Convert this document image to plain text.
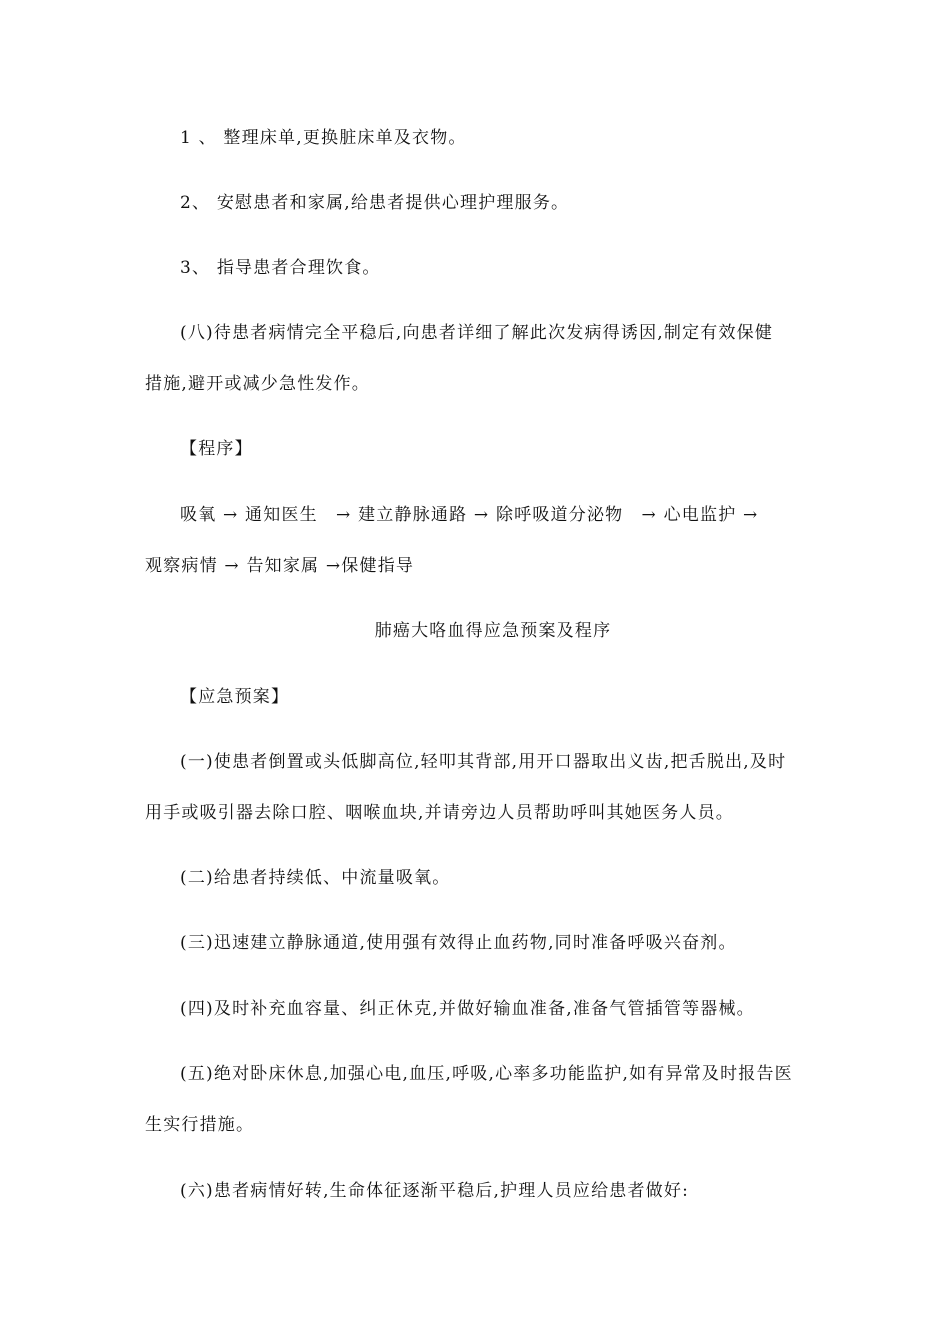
1 、 整理床单,更换脏床单及衣物。
2、 安慰患者和家属,给患者提供心理护理服务。
3、 指导患者合理饮食。
(八)待患者病情完全平稳后,向患者详细了解此次发病得诱因,制定有效保健
措施,避开或减少急性发作。
【程序】
吸氧 → 通知医生　→ 建立静脉通路 → 除呼吸道分泌物　→ 心电监护 →
观察病情 → 告知家属 →保健指导
肺癌大咯血得应急预案及程序
【应急预案】
(一)使患者倒置或头低脚高位,轻叩其背部,用开口器取出义齿,把舌脱出,及时
用手或吸引器去除口腔、咽喉血块,并请旁边人员帮助呼叫其她医务人员。
(二)给患者持续低、中流量吸氧。
(三)迅速建立静脉通道,使用强有效得止血药物,同时准备呼吸兴奋剂。
(四)及时补充血容量、纠正休克,并做好输血准备,准备气管插管等器械。
(五)绝对卧床休息,加强心电,血压,呼吸,心率多功能监护,如有异常及时报告医
生实行措施。
(六)患者病情好转,生命体征逐渐平稳后,护理人员应给患者做好:
